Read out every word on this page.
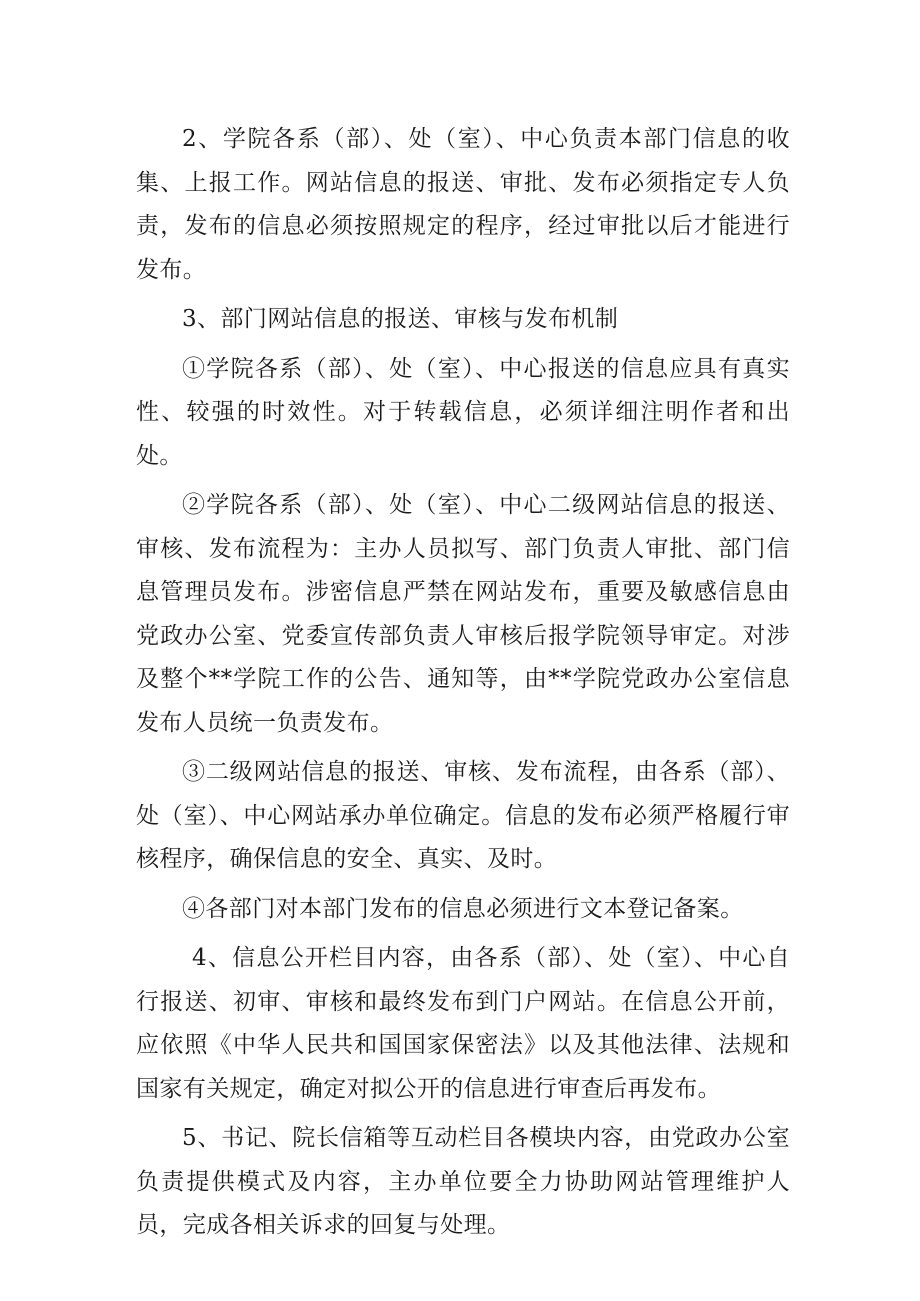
2、学院各系（部）、处（室）、中心负责本部门信息的收集、上报工作。网站信息的报送、审批、发布必须指定专人负责，发布的信息必须按照规定的程序，经过审批以后才能进行发布。

3、部门网站信息的报送、审核与发布机制

①学院各系（部）、处（室）、中心报送的信息应具有真实性、较强的时效性。对于转载信息，必须详细注明作者和出处。

②学院各系（部）、处（室）、中心二级网站信息的报送、审核、发布流程为：主办人员拟写、部门负责人审批、部门信息管理员发布。涉密信息严禁在网站发布，重要及敏感信息由党政办公室、党委宣传部负责人审核后报学院领导审定。对涉及整个**学院工作的公告、通知等，由**学院党政办公室信息发布人员统一负责发布。

③二级网站信息的报送、审核、发布流程，由各系（部）、处（室）、中心网站承办单位确定。信息的发布必须严格履行审核程序，确保信息的安全、真实、及时。

④各部门对本部门发布的信息必须进行文本登记备案。

4、信息公开栏目内容，由各系（部）、处（室）、中心自行报送、初审、审核和最终发布到门户网站。在信息公开前，应依照《中华人民共和国国家保密法》以及其他法律、法规和国家有关规定，确定对拟公开的信息进行审查后再发布。

5、书记、院长信箱等互动栏目各模块内容，由党政办公室负责提供模式及内容，主办单位要全力协助网站管理维护人员，完成各相关诉求的回复与处理。
